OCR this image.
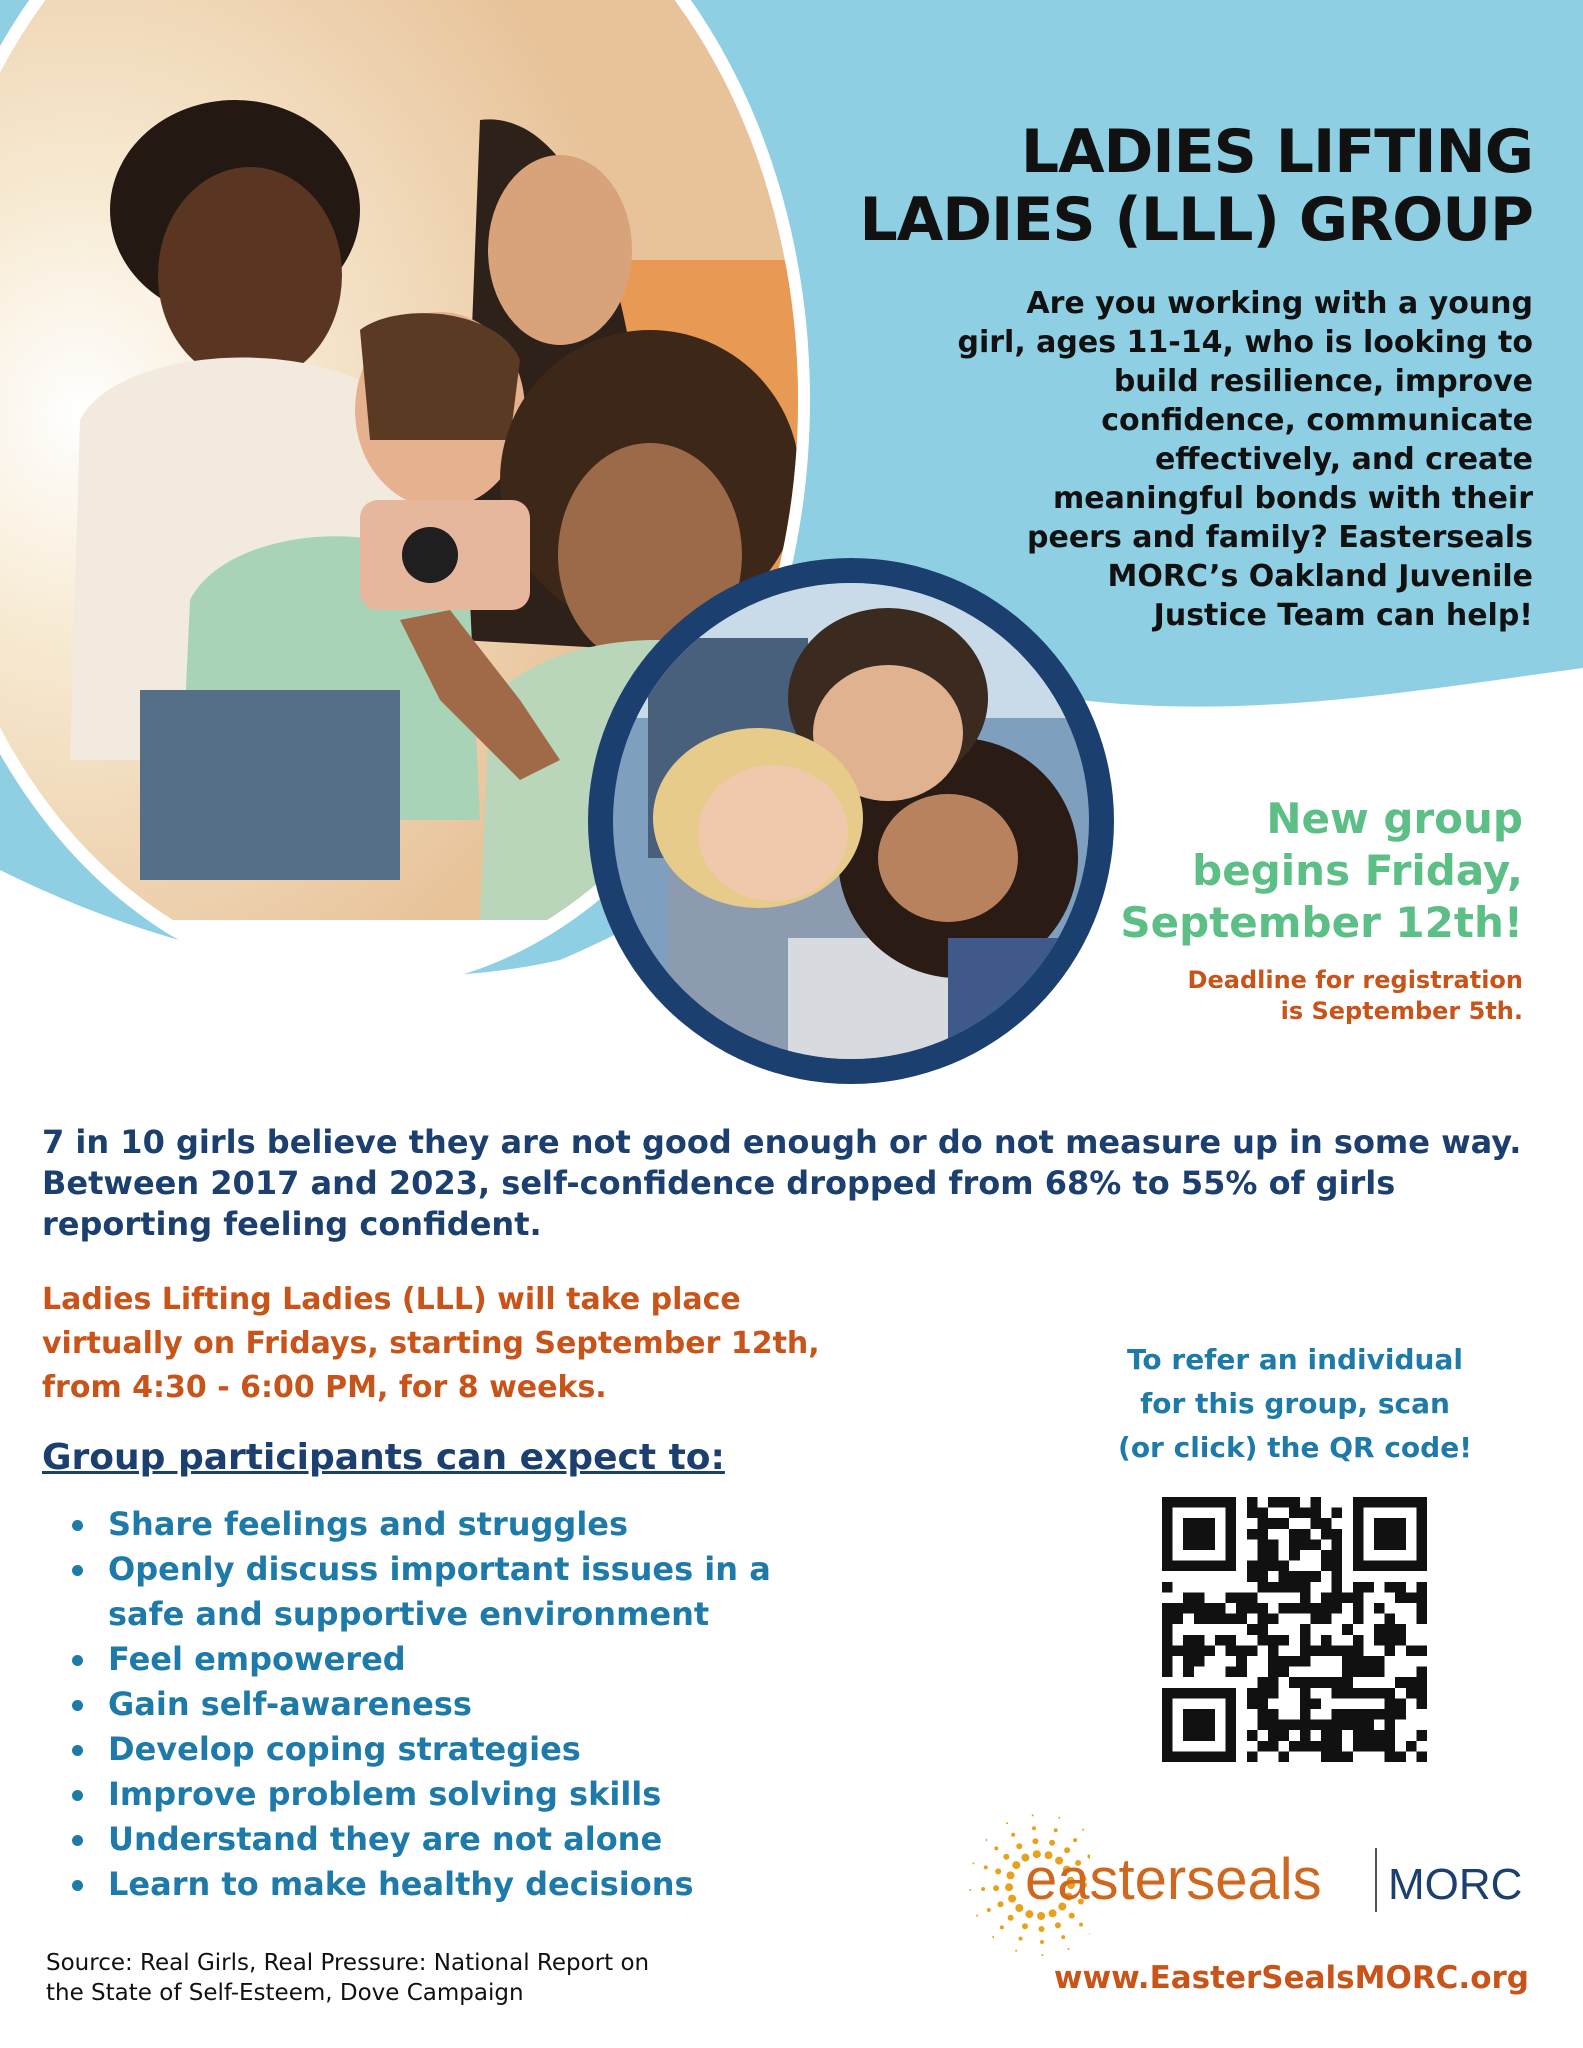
LADIES LIFTING
LADIES (LLL) GROUP
Are you working with a young
girl, ages 11-14, who is looking to
build resilience, improve
confidence, communicate
effectively, and create
meaningful bonds with their
peers and family? Easterseals
MORC’s Oakland Juvenile
Justice Team can help!
New group
begins Friday,
September 12th!
Deadline for registration
is September 5th.
7 in 10 girls believe they are not good enough or do not measure up in some way.
Between 2017 and 2023, self-confidence dropped from 68% to 55% of girls
reporting feeling confident.
Ladies Lifting Ladies (LLL) will take place
virtually on Fridays, starting September 12th,
from 4:30 - 6:00 PM, for 8 weeks.
Group participants can expect to:
Share feelings and struggles
Openly discuss important issues in a safe and supportive environment
Feel empowered
Gain self-awareness
Develop coping strategies
Improve problem solving skills
Understand they are not alone
Learn to make healthy decisions
Source: Real Girls, Real Pressure: National Report on
the State of Self-Esteem, Dove Campaign
To refer an individual
for this group, scan
(or click) the QR code!
easterseals MORC
www.EasterSealsMORC.org
